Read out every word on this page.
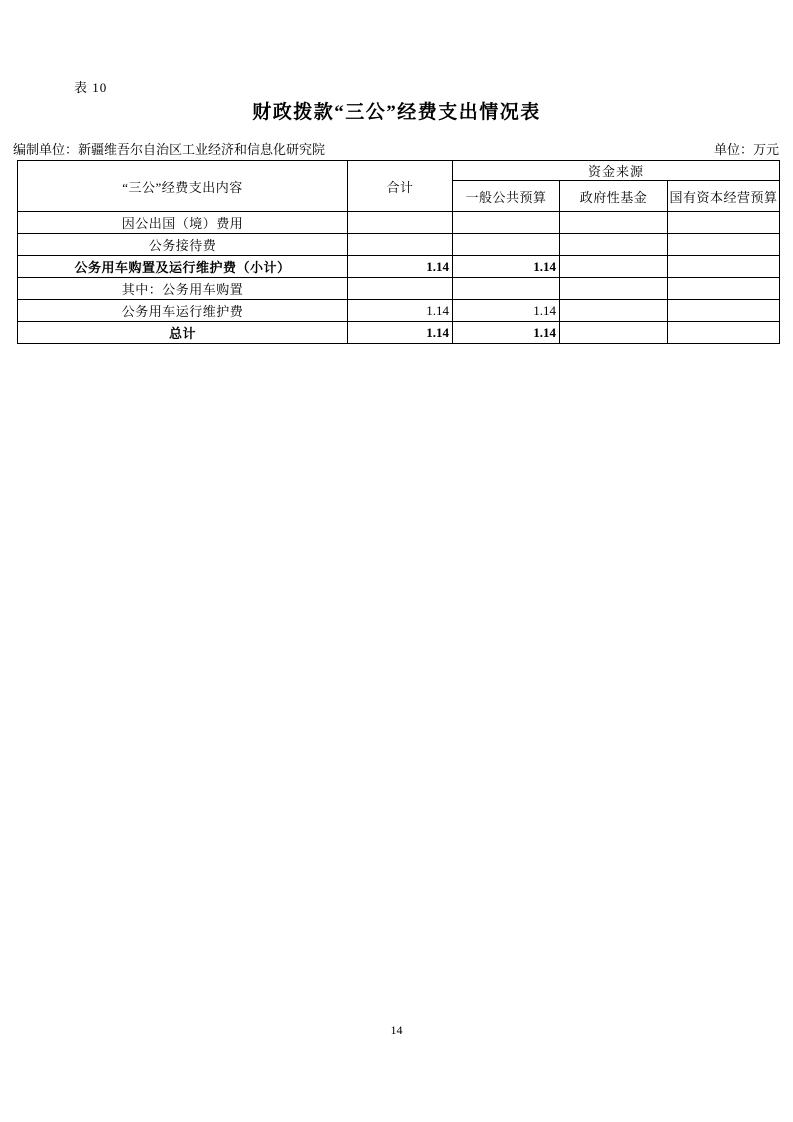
表 10
财政拨款“三公”经费支出情况表
编制单位：新疆维吾尔自治区工业经济和信息化研究院	单位：万元
“三公”经费支出内容	合计	资金来源		
		一般公共预算	政府性基金	国有资本经营预算
因公出国（境）费用				
公务接待费				
公务用车购置及运行维护费（小计）	1.14	1.14		
其中：公务用车购置				
公务用车运行维护费	1.14	1.14		
总计	1.14	1.14		
14
